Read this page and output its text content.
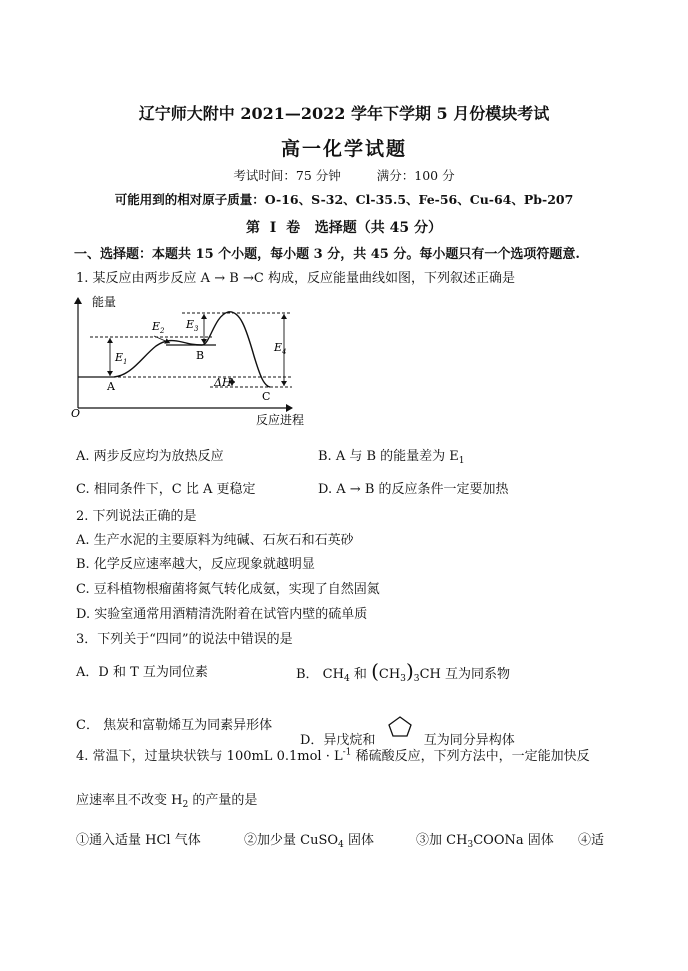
辽宁师大附中 2021—2022 学年下学期 5 月份模块考试
高一化学试题
考试时间：75 分钟	满分：100 分
可能用到的相对原子质量：O-16、S-32、Cl-35.5、Fe-56、Cu-64、Pb-207
第  I  卷   选择题（共 45 分）
一、选择题：本题共 15 个小题，每小题 3 分，共 45 分。每小题只有一个选项符题意.
1. 某反应由两步反应 A → B →C 构成，反应能量曲线如图，下列叙述正确是
能量
反应进程
O
A
B
C
$E_1$
$E_2$ $E_3$
$E_4$
ΔH
A. 两步反应均为放热反应	B. A 与 B 的能量差为 $E_1$
C. 相同条件下，C 比 A 更稳定	D. A → B 的反应条件一定要加热
2. 下列说法正确的是
A. 生产水泥的主要原料为纯碱、石灰石和石英砂
B. 化学反应速率越大，反应现象就越明显
C. 豆科植物根瘤菌将氮气转化成氨，实现了自然固氮
D. 实验室通常用酒精清洗附着在试管内壁的硫单质
3．下列关于“四同”的说法中错误的是
A．D 和 T 互为同位素	B． $CH_4$ 和 $(CH_3)_3CH$ 互为同系物
C． 焦炭和富勒烯互为同素异形体
D．异戊烷和	互为同分异构体
4. 常温下，过量块状铁与 100mL $0.1mol \cdot L^{-1}$ 稀硫酸反应，下列方法中，一定能加快反
应速率且不改变 $H_2$ 的产量的是
①通入适量 HCl 气体	②加少量 CuSO$_4$ 固体	③加 $CH_3COONa$ 固体 ④适
